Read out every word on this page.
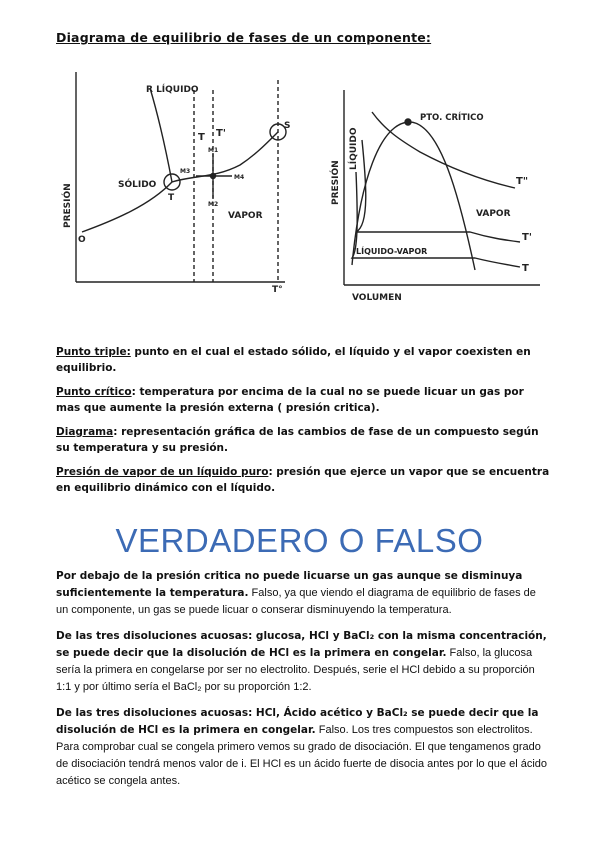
Diagrama de equilibrio de fases de un componente:
PRESIÓN
T°
R LÍQUIDO
SÓLIDO
VAPOR
O
T
S
T T'
M1
M2
M3
M4	PRESIÓN
LÍQUIDO
VOLUMEN
VAPOR
LÍQUIDO-VAPOR
PTO. CRÍTICO
T"
T'
T

Punto triple: punto en el cual el estado sólido, el líquido y el vapor coexisten en equilibrio.

Punto crítico: temperatura por encima de la cual no se puede licuar un gas por mas que aumente la presión externa ( presión critica).

Diagrama: representación gráfica de las cambios de fase de un compuesto según su temperatura y su presión.

Presión de vapor de un líquido puro: presión que ejerce un vapor que se encuentra en equilibrio dinámico con el líquido.

VERDADERO O FALSO

Por debajo de la presión critica no puede licuarse un gas aunque se disminuya suficientemente la temperatura. Falso, ya que viendo el diagrama de equilibrio de fases de un componente, un gas se puede licuar o conserar disminuyendo la temperatura.

De las tres disoluciones acuosas: glucosa, HCl y BaCl₂ con la misma concentración, se puede decir que la disolución de HCl es la primera en congelar. Falso, la glucosa sería la primera en congelarse por ser no electrolito. Después, serie el HCl debido a su proporción 1:1 y por último sería el BaCl₂ por su proporción 1:2.

De las tres disoluciones acuosas: HCl, Ácido acético y BaCl₂ se puede decir que la disolución de HCl es la primera en congelar. Falso. Los tres compuestos son electrolitos. Para comprobar cual se congela primero vemos su grado de disociación. El que tengamenos grado de disociación tendrá menos valor de i. El HCl es un ácido fuerte de disocia antes por lo que el ácido acético se congela antes.
